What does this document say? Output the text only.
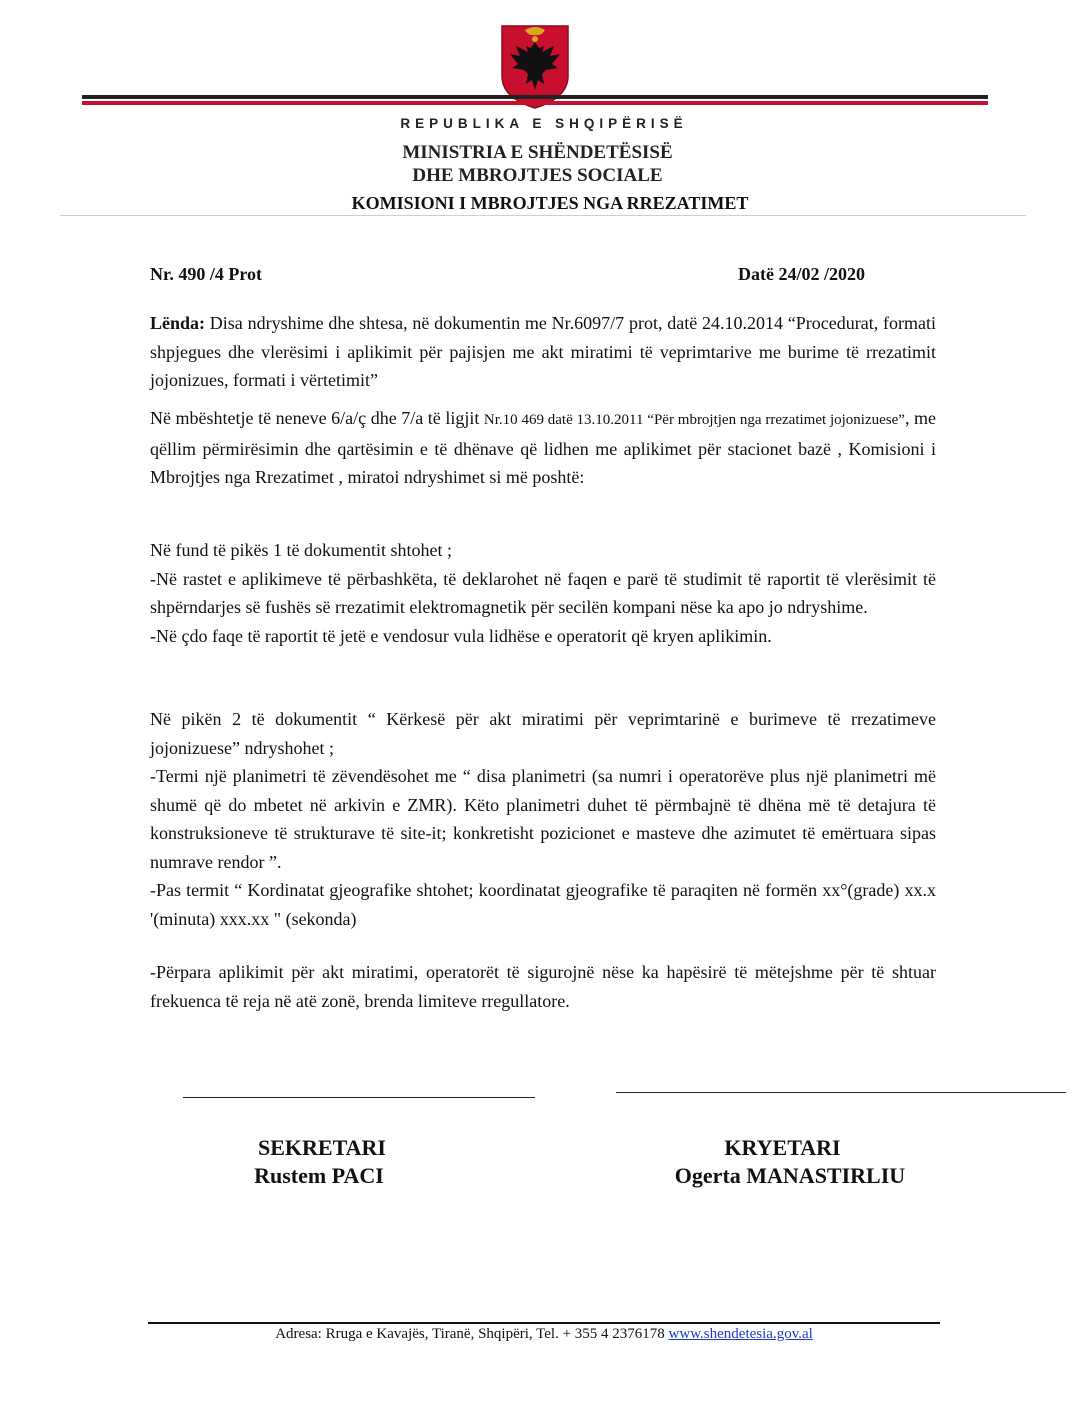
REPUBLIKA E SHQIPËRISË
MINISTRIA E SHËNDETËSISË
DHE MBROJTJES SOCIALE
KOMISIONI I MBROJTJES NGA RREZATIMET
Nr. 490 /4 Prot	Datë 24/02 /2020
Lënda: Disa ndryshime dhe shtesa, në dokumentin me Nr.6097/7 prot, datë 24.10.2014 “Procedurat, formati shpjegues dhe vlerësimi i aplikimit për pajisjen me akt miratimi të veprimtarive me burime të rrezatimit jojonizues, formati i vërtetimit”
Në mbështetje të neneve 6/a/ç dhe 7/a të ligjit Nr.10 469 datë 13.10.2011 “Për mbrojtjen nga rrezatimet jojonizuese”, me qëllim përmirësimin dhe qartësimin e të dhënave që lidhen me aplikimet për stacionet bazë , Komisioni i Mbrojtjes nga Rrezatimet , miratoi ndryshimet si më poshtë:
Në fund të pikës 1 të dokumentit shtohet ;
-Në rastet e aplikimeve të përbashkëta, të deklarohet në faqen e parë të studimit të raportit të vlerësimit të shpërndarjes së fushës së rrezatimit elektromagnetik për secilën kompani nëse ka apo jo ndryshime.
-Në çdo faqe të raportit të jetë e vendosur vula lidhëse e operatorit që kryen aplikimin.
Në pikën 2 të dokumentit “ Kërkesë për akt miratimi për veprimtarinë e burimeve të rrezatimeve jojonizuese” ndryshohet ;
-Termi një planimetri të zëvendësohet me “ disa planimetri (sa numri i operatorëve plus një planimetri më shumë që do mbetet në arkivin e ZMR). Këto planimetri duhet të përmbajnë të dhëna më të detajura të konstruksioneve të strukturave të site-it; konkretisht pozicionet e masteve dhe azimutet të emërtuara sipas numrave rendor ”.
-Pas termit “ Kordinatat gjeografike shtohet; koordinatat gjeografike të paraqiten në formën xx°(grade) xx.x '(minuta) xxx.xx " (sekonda)
-Përpara aplikimit për akt miratimi, operatorët të sigurojnë nëse ka hapësirë të mëtejshme për të shtuar frekuenca të reja në atë zonë, brenda limiteve rregullatore.
SEKRETARI
Rustem PACI
KRYETARI
Ogerta MANASTIRLIU
Adresa: Rruga e Kavajës, Tiranë, Shqipëri, Tel. + 355 4 2376178 www.shendetesia.gov.al
